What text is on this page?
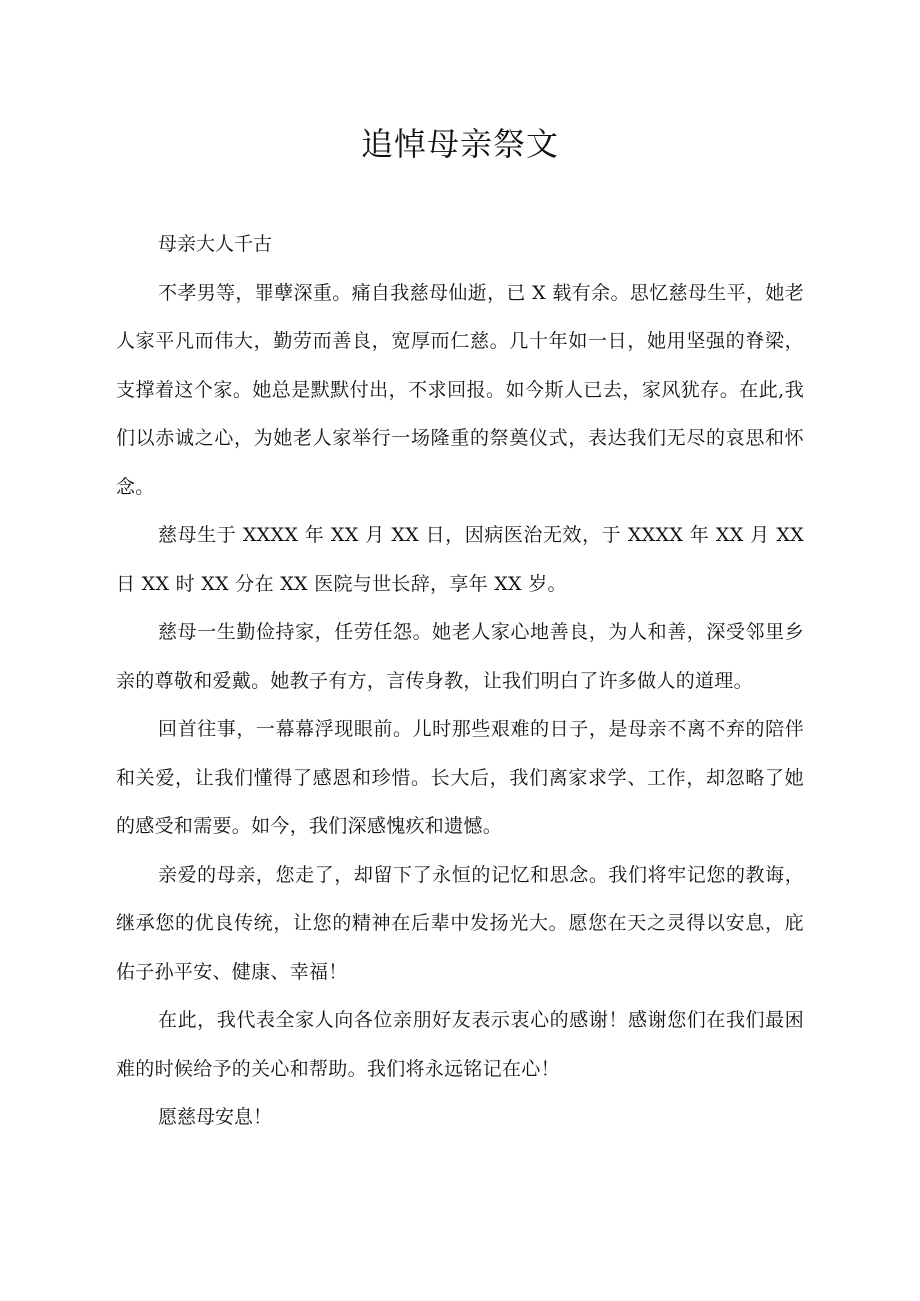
追悼母亲祭文

母亲大人千古

不孝男等，罪孽深重。痛自我慈母仙逝，已 X 载有余。思忆慈母生平，她老人家平凡而伟大，勤劳而善良，宽厚而仁慈。几十年如一日，她用坚强的脊梁，支撑着这个家。她总是默默付出，不求回报。如今斯人已去，家风犹存。在此,我们以赤诚之心，为她老人家举行一场隆重的祭奠仪式，表达我们无尽的哀思和怀念。

慈母生于 XXXX 年 XX 月 XX 日，因病医治无效，于 XXXX 年 XX 月 XX 日 XX 时 XX 分在 XX 医院与世长辞，享年 XX 岁。

慈母一生勤俭持家，任劳任怨。她老人家心地善良，为人和善，深受邻里乡亲的尊敬和爱戴。她教子有方，言传身教，让我们明白了许多做人的道理。

回首往事，一幕幕浮现眼前。儿时那些艰难的日子，是母亲不离不弃的陪伴和关爱，让我们懂得了感恩和珍惜。长大后，我们离家求学、工作，却忽略了她的感受和需要。如今，我们深感愧疚和遗憾。

亲爱的母亲，您走了，却留下了永恒的记忆和思念。我们将牢记您的教诲，继承您的优良传统，让您的精神在后辈中发扬光大。愿您在天之灵得以安息，庇佑子孙平安、健康、幸福！

在此，我代表全家人向各位亲朋好友表示衷心的感谢！感谢您们在我们最困难的时候给予的关心和帮助。我们将永远铭记在心！

愿慈母安息！
